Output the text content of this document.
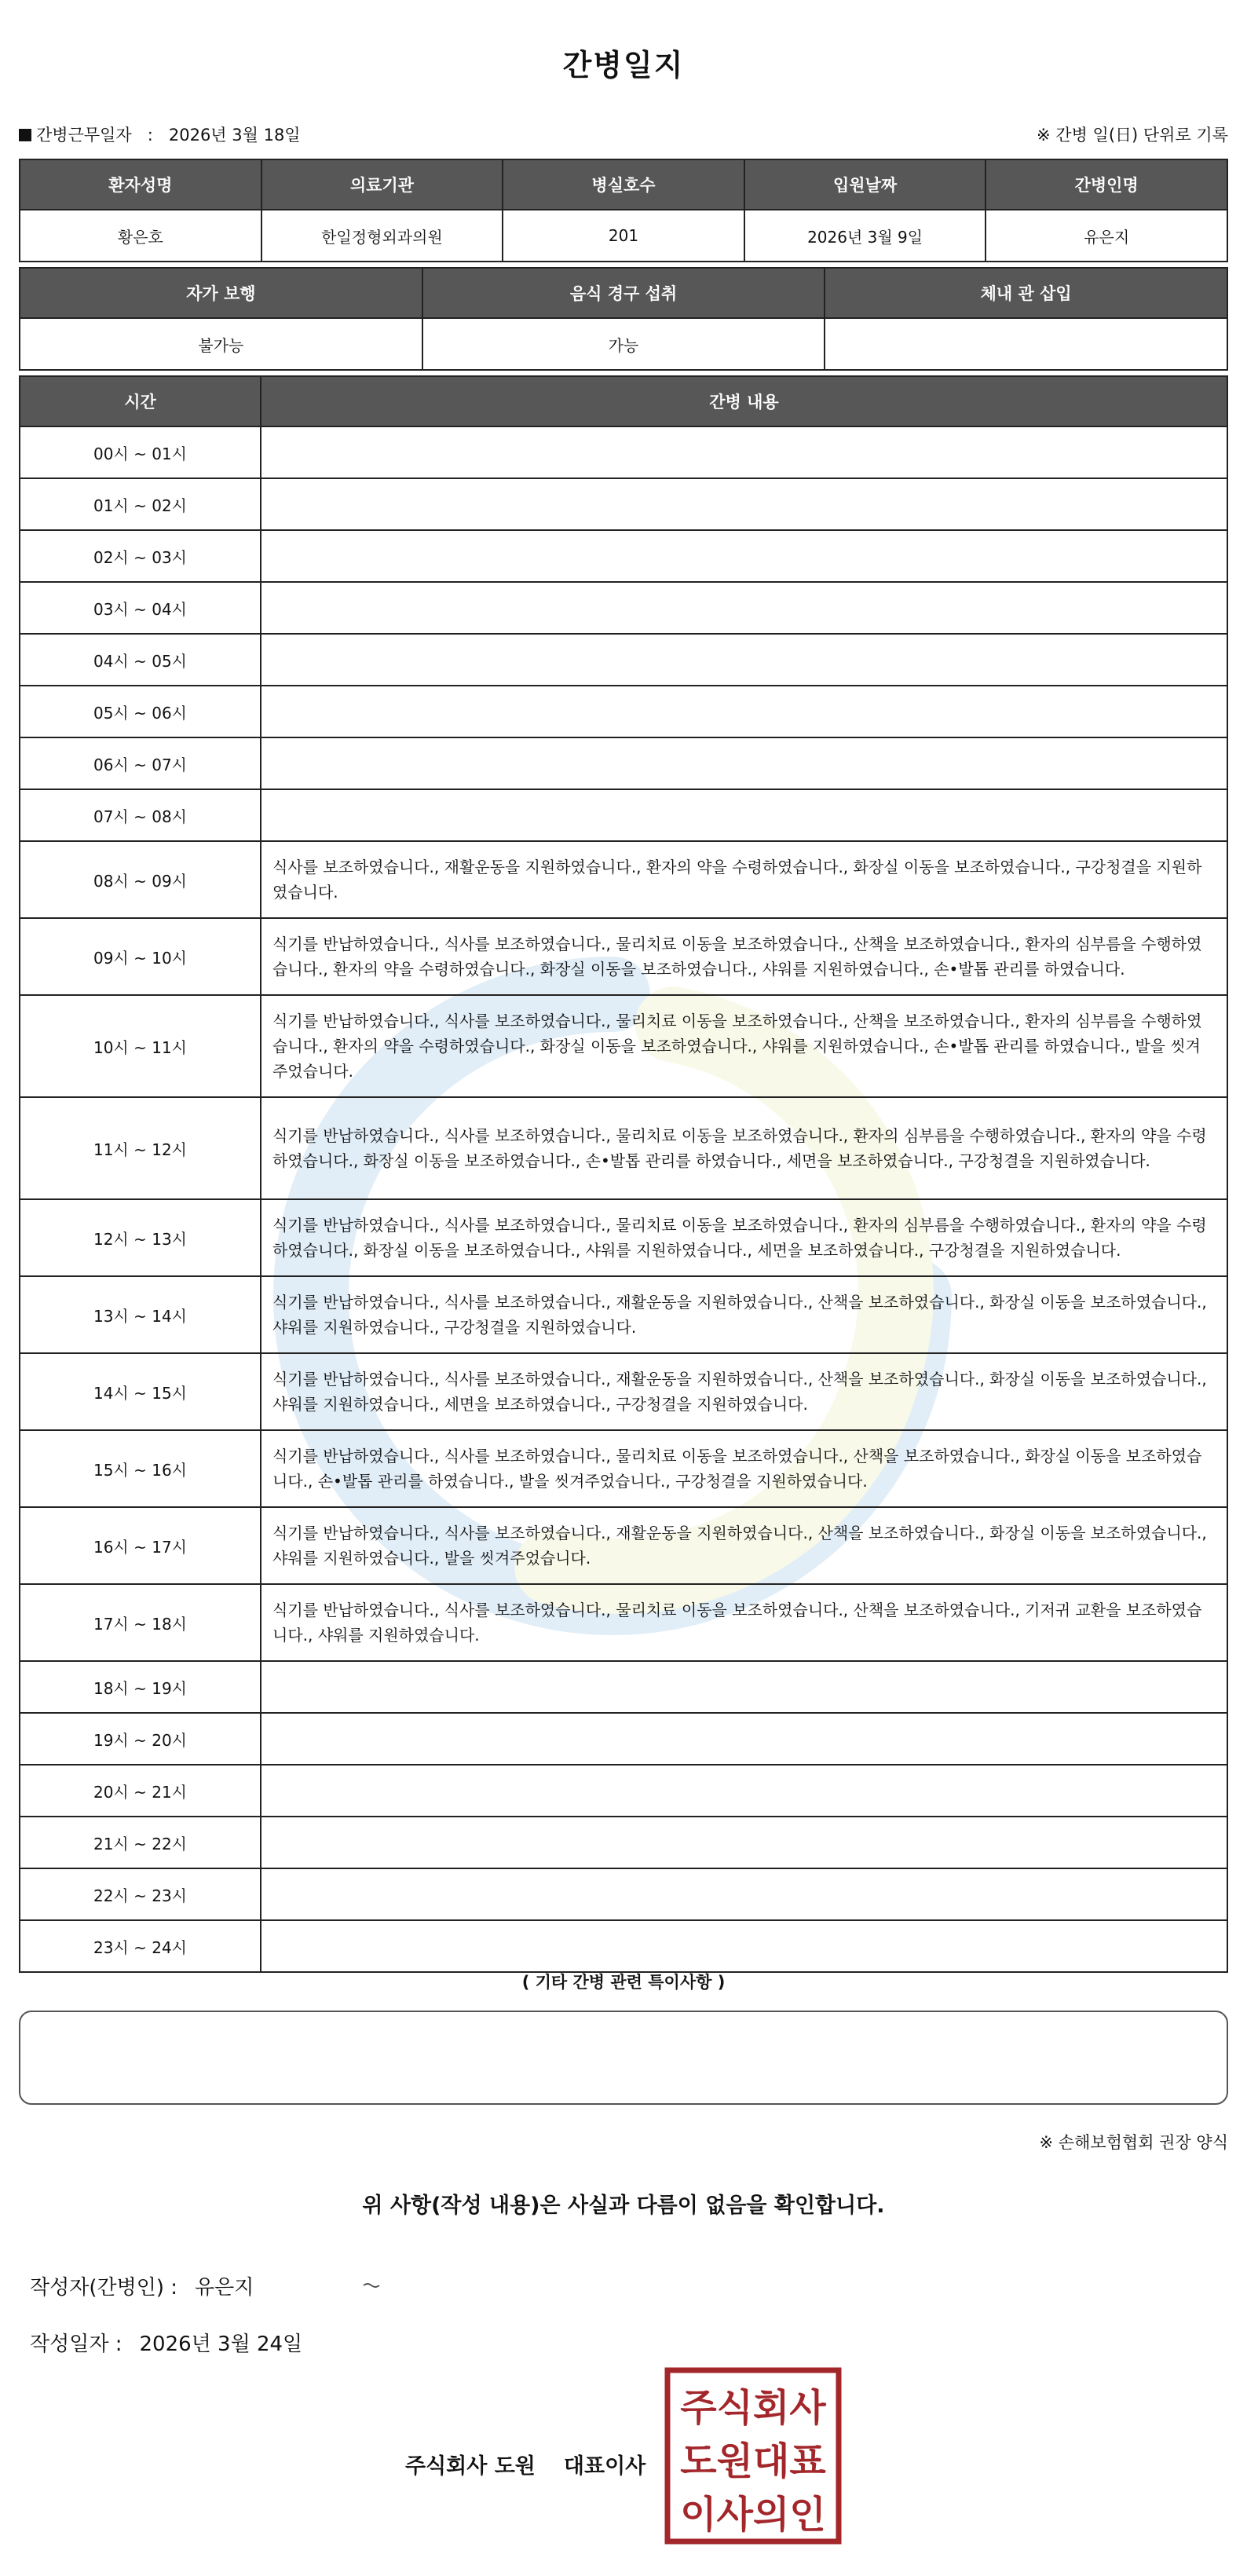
간병일지
간병근무일자 : 2026년 3월 18일	※ 간병 일(日) 단위로 기록
환자성명	의료기관	병실호수	입원날짜	간병인명
황은호	한일정형외과의원	201	2026년 3월 9일	유은지
자가 보행	음식 경구 섭취	체내 관 삽입
불가능	가능	
시간	간병 내용
00시 ~ 01시	
01시 ~ 02시	
02시 ~ 03시	
03시 ~ 04시	
04시 ~ 05시	
05시 ~ 06시	
06시 ~ 07시	
07시 ~ 08시	
08시 ~ 09시	식사를 보조하였습니다., 재활운동을 지원하였습니다., 환자의 약을 수령하였습니다., 화장실 이동을 보조하였습니다., 구강청결을 지원하였습니다.
09시 ~ 10시	식기를 반납하였습니다., 식사를 보조하였습니다., 물리치료 이동을 보조하였습니다., 산책을 보조하였습니다., 환자의 심부름을 수행하였습니다., 환자의 약을 수령하였습니다., 화장실 이동을 보조하였습니다., 샤워를 지원하였습니다., 손•발톱 관리를 하였습니다.
10시 ~ 11시	식기를 반납하였습니다., 식사를 보조하였습니다., 물리치료 이동을 보조하였습니다., 산책을 보조하였습니다., 환자의 심부름을 수행하였습니다., 환자의 약을 수령하였습니다., 화장실 이동을 보조하였습니다., 샤워를 지원하였습니다., 손•발톱 관리를 하였습니다., 발을 씻겨주었습니다.
11시 ~ 12시	식기를 반납하였습니다., 식사를 보조하였습니다., 물리치료 이동을 보조하였습니다., 환자의 심부름을 수행하였습니다., 환자의 약을 수령하였습니다., 화장실 이동을 보조하였습니다., 손•발톱 관리를 하였습니다., 세면을 보조하였습니다., 구강청결을 지원하였습니다.
12시 ~ 13시	식기를 반납하였습니다., 식사를 보조하였습니다., 물리치료 이동을 보조하였습니다., 환자의 심부름을 수행하였습니다., 환자의 약을 수령하였습니다., 화장실 이동을 보조하였습니다., 샤워를 지원하였습니다., 세면을 보조하였습니다., 구강청결을 지원하였습니다.
13시 ~ 14시	식기를 반납하였습니다., 식사를 보조하였습니다., 재활운동을 지원하였습니다., 산책을 보조하였습니다., 화장실 이동을 보조하였습니다., 샤워를 지원하였습니다., 구강청결을 지원하였습니다.
14시 ~ 15시	식기를 반납하였습니다., 식사를 보조하였습니다., 재활운동을 지원하였습니다., 산책을 보조하였습니다., 화장실 이동을 보조하였습니다., 샤워를 지원하였습니다., 세면을 보조하였습니다., 구강청결을 지원하였습니다.
15시 ~ 16시	식기를 반납하였습니다., 식사를 보조하였습니다., 물리치료 이동을 보조하였습니다., 산책을 보조하였습니다., 화장실 이동을 보조하였습니다., 손•발톱 관리를 하였습니다., 발을 씻겨주었습니다., 구강청결을 지원하였습니다.
16시 ~ 17시	식기를 반납하였습니다., 식사를 보조하였습니다., 재활운동을 지원하였습니다., 산책을 보조하였습니다., 화장실 이동을 보조하였습니다., 샤워를 지원하였습니다., 발을 씻겨주었습니다.
17시 ~ 18시	식기를 반납하였습니다., 식사를 보조하였습니다., 물리치료 이동을 보조하였습니다., 산책을 보조하였습니다., 기저귀 교환을 보조하였습니다., 샤워를 지원하였습니다.
18시 ~ 19시	
19시 ~ 20시	
20시 ~ 21시	
21시 ~ 22시	
22시 ~ 23시	
23시 ~ 24시	
( 기타 간병 관련 특이사항 )
※ 손해보험협회 권장 양식
위 사항(작성 내용)은 사실과 다름이 없음을 확인합니다.
작성자(간병인) : 유은지
작성일자 : 2026년 3월 24일
주식회사 도원 대표이사
주식회사
도원대표
이사의인
